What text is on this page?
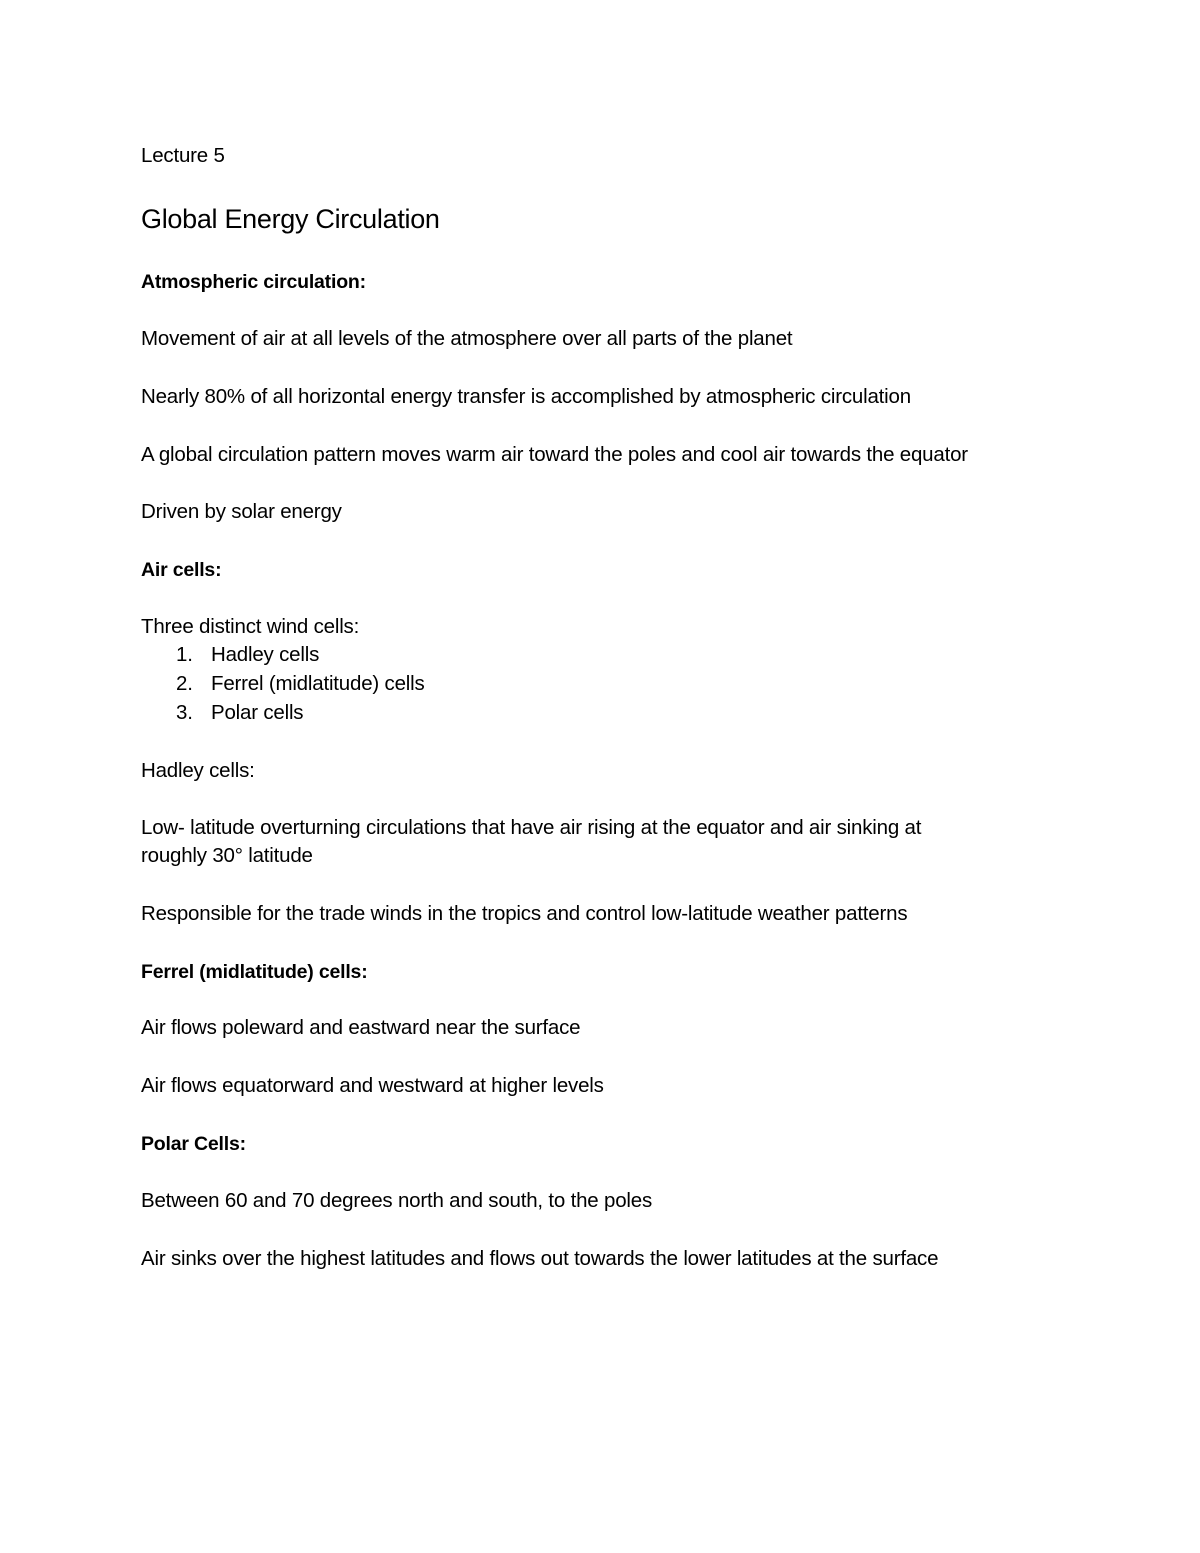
Lecture 5

Global Energy Circulation

Atmospheric circulation:

Movement of air at all levels of the atmosphere over all parts of the planet

Nearly 80% of all horizontal energy transfer is accomplished by atmospheric circulation

A global circulation pattern moves warm air toward the poles and cool air towards the equator

Driven by solar energy

Air cells:

Three distinct wind cells:

1. Hadley cells

2. Ferrel (midlatitude) cells

3. Polar cells

Hadley cells:

Low- latitude overturning circulations that have air rising at the equator and air sinking at

roughly 30° latitude

Responsible for the trade winds in the tropics and control low-latitude weather patterns

Ferrel (midlatitude) cells:

Air flows poleward and eastward near the surface

Air flows equatorward and westward at higher levels

Polar Cells:

Between 60 and 70 degrees north and south, to the poles

Air sinks over the highest latitudes and flows out towards the lower latitudes at the surface
